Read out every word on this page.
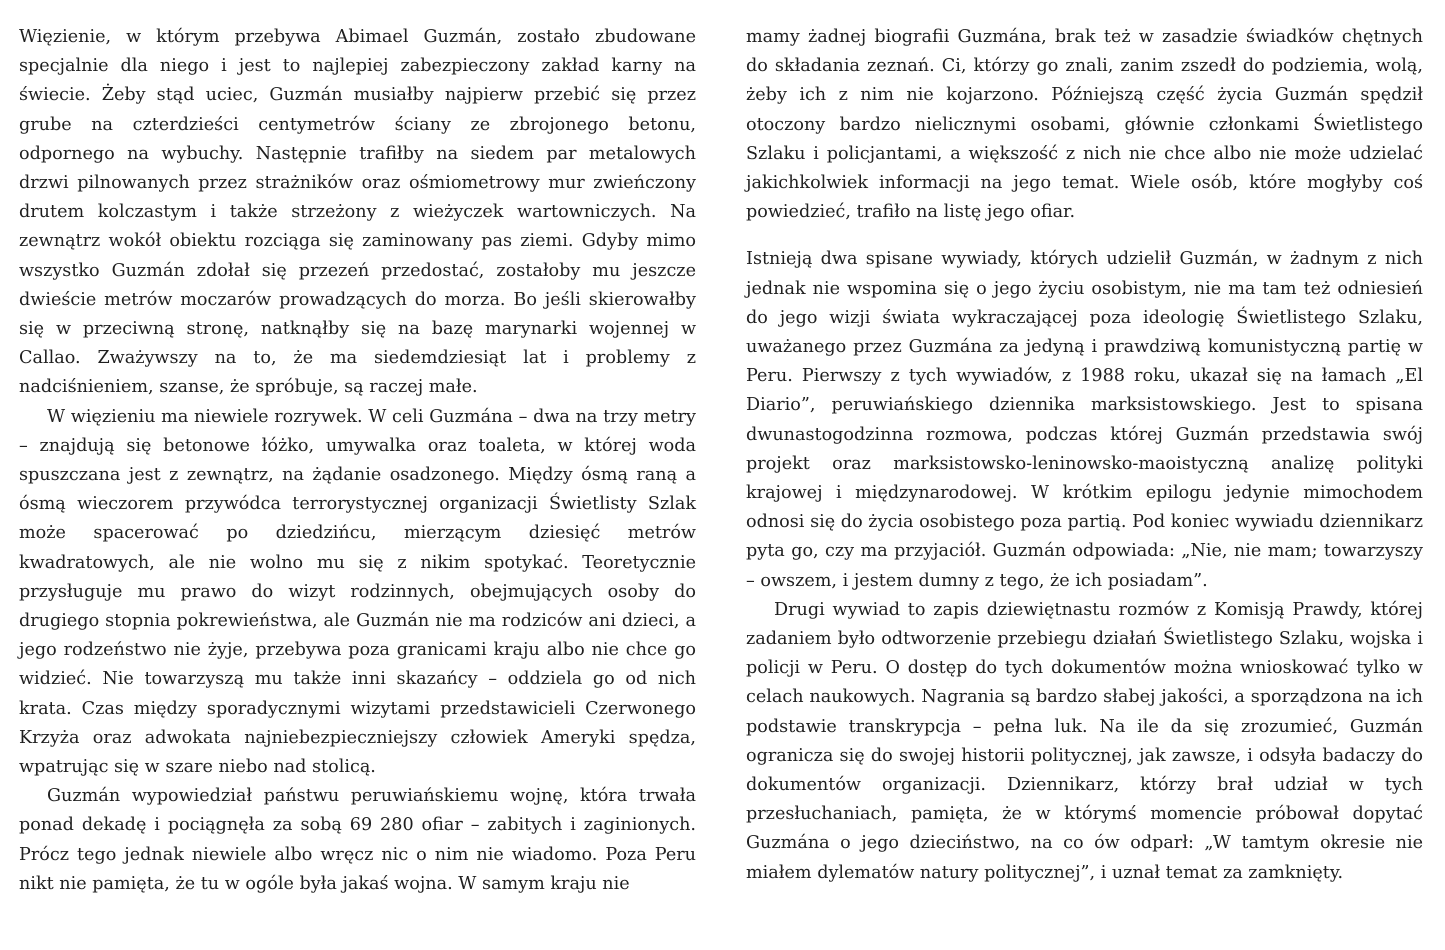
Więzienie, w którym przebywa Abimael Guzmán, zostało zbudowane specjalnie dla niego i jest to najlepiej zabezpieczony zakład karny na świecie. Żeby stąd uciec, Guzmán musiałby najpierw przebić się przez grube na czterdzieści centymetrów ściany ze zbrojonego betonu, odpornego na wybuchy. Następnie trafiłby na siedem par metalowych drzwi pilnowanych przez strażników oraz ośmiometrowy mur zwieńczony drutem kolczastym i także strzeżony z wieżyczek wartowniczych. Na zewnątrz wokół obiektu rozciąga się zaminowany pas ziemi. Gdyby mimo wszystko Guzmán zdołał się przezeń przedostać, zostałoby mu jeszcze dwieście metrów moczarów prowadzących do morza. Bo jeśli skierowałby się w przeciwną stronę, natknąłby się na bazę marynarki wojennej w Callao. Zważywszy na to, że ma siedemdziesiąt lat i problemy z nadciśnieniem, szanse, że spróbuje, są raczej małe.

W więzieniu ma niewiele rozrywek. W celi Guzmána – dwa na trzy metry – znajdują się betonowe łóżko, umywalka oraz toaleta, w której woda spuszczana jest z zewnątrz, na żądanie osadzonego. Między ósmą raną a ósmą wieczorem przywódca terrorystycznej organizacji Świetlisty Szlak może spacerować po dziedzińcu, mierzącym dziesięć metrów kwadratowych, ale nie wolno mu się z nikim spotykać. Teoretycznie przysługuje mu prawo do wizyt rodzinnych, obejmujących osoby do drugiego stopnia pokrewieństwa, ale Guzmán nie ma rodziców ani dzieci, a jego rodzeństwo nie żyje, przebywa poza granicami kraju albo nie chce go widzieć. Nie towarzyszą mu także inni skazańcy – oddziela go od nich krata. Czas między sporadycznymi wizytami przedstawicieli Czerwonego Krzyża oraz adwokata najniebezpieczniejszy człowiek Ameryki spędza, wpatrując się w szare niebo nad stolicą.

Guzmán wypowiedział państwu peruwiańskiemu wojnę, która trwała ponad dekadę i pociągnęła za sobą 69 280 ofiar – zabitych i zaginionych. Prócz tego jednak niewiele albo wręcz nic o nim nie wiadomo. Poza Peru nikt nie pamięta, że tu w ogóle była jakaś wojna. W samym kraju nie

mamy żadnej biografii Guzmána, brak też w zasadzie świadków chętnych do składania zeznań. Ci, którzy go znali, zanim zszedł do podziemia, wolą, żeby ich z nim nie kojarzono. Późniejszą część życia Guzmán spędził otoczony bardzo nielicznymi osobami, głównie członkami Świetlistego Szlaku i policjantami, a większość z nich nie chce albo nie może udzielać jakichkolwiek informacji na jego temat. Wiele osób, które mogłyby coś powiedzieć, trafiło na listę jego ofiar.

Istnieją dwa spisane wywiady, których udzielił Guzmán, w żadnym z nich jednak nie wspomina się o jego życiu osobistym, nie ma tam też odniesień do jego wizji świata wykraczającej poza ideologię Świetlistego Szlaku, uważanego przez Guzmána za jedyną i prawdziwą komunistyczną partię w Peru. Pierwszy z tych wywiadów, z 1988 roku, ukazał się na łamach „El Diario”, peruwiańskiego dziennika marksistowskiego. Jest to spisana dwunastogodzinna rozmowa, podczas której Guzmán przedstawia swój projekt oraz marksistowsko-leninowsko-maoistyczną analizę polityki krajowej i międzynarodowej. W krótkim epilogu jedynie mimochodem odnosi się do życia osobistego poza partią. Pod koniec wywiadu dziennikarz pyta go, czy ma przyjaciół. Guzmán odpowiada: „Nie, nie mam; towarzyszy – owszem, i jestem dumny z tego, że ich posiadam”.

Drugi wywiad to zapis dziewiętnastu rozmów z Komisją Prawdy, której zadaniem było odtworzenie przebiegu działań Świetlistego Szlaku, wojska i policji w Peru. O dostęp do tych dokumentów można wnioskować tylko w celach naukowych. Nagrania są bardzo słabej jakości, a sporządzona na ich podstawie transkrypcja – pełna luk. Na ile da się zrozumieć, Guzmán ogranicza się do swojej historii politycznej, jak zawsze, i odsyła badaczy do dokumentów organizacji. Dziennikarz, którzy brał udział w tych przesłuchaniach, pamięta, że w którymś momencie próbował dopytać Guzmána o jego dzieciństwo, na co ów odparł: „W tamtym okresie nie miałem dylematów natury politycznej”, i uznał temat za zamknięty.
